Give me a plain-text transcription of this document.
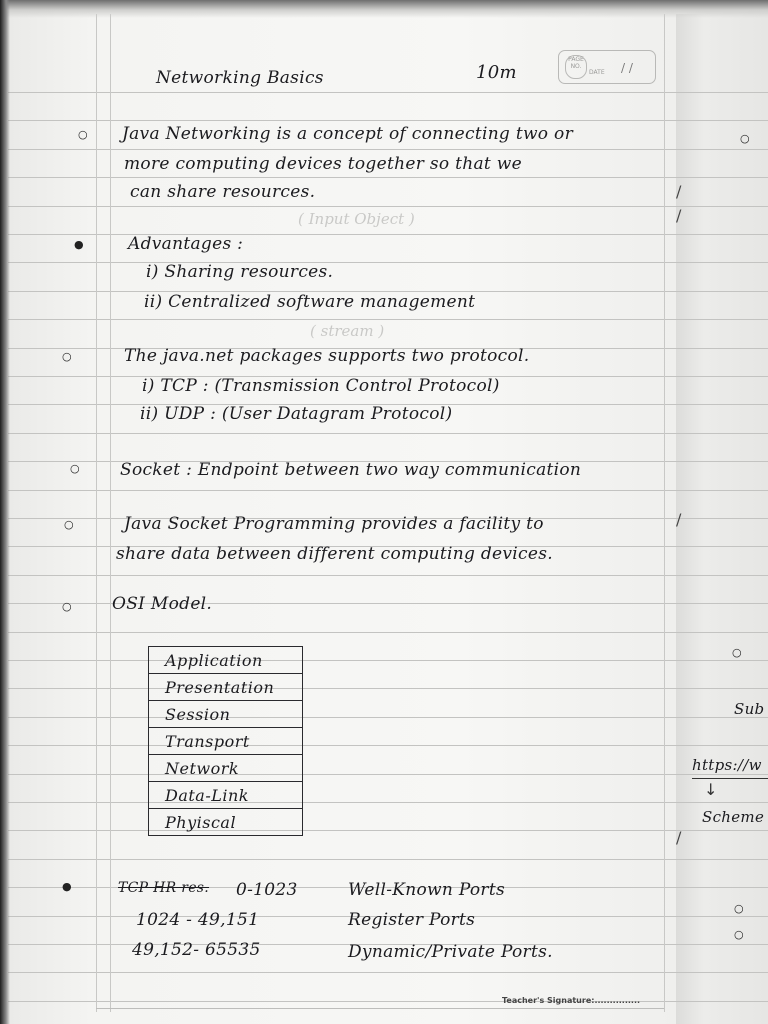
( Input Object )
( stream )
Networking Basics	10m
PAGE NO.
DATE / /
○
●
○
○
○
○
●
Java Networking is a concept of connecting two or
more computing devices together so that we
can share resources.
Advantages :
i) Sharing resources.
ii) Centralized software management
The java.net packages supports two protocol.
i) TCP : (Transmission Control Protocol)
ii) UDP : (User Datagram Protocol)
Socket : Endpoint between two way communication
Java Socket Programming provides a facility to
share data between different computing devices.
OSI Model.
Application
Presentation
Session
Transport
Network
Data-Link
Phyiscal
TCP HR res. 0-1023	Well-Known Ports
1024 - 49,151	Register Ports
49,152- 65535	Dynamic/Private Ports.
○
○
○
○
Sub
https://w
↓
Scheme
/
/
/
/
Teacher's Signature:...............
